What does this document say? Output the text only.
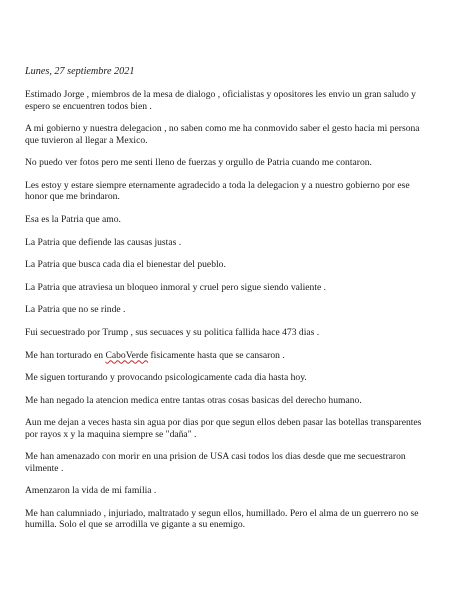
Lunes, 27 septiembre 2021

Estimado Jorge , miembros de la mesa de dialogo , oficialistas y opositores les envio un gran saludo y espero se encuentren todos bien .

A mi gobierno y nuestra delegacion , no saben como me ha conmovido saber el gesto hacia mi persona que tuvieron al llegar a Mexico.

No puedo ver fotos pero me senti lleno de fuerzas y orgullo de Patria cuando me contaron.

Les estoy y estare siempre eternamente agradecido a toda la delegacion y a nuestro gobierno por ese honor que me brindaron.

Esa es la Patria que amo.

La Patria que defiende las causas justas .

La Patria que busca cada dia el bienestar del pueblo.

La Patria que atraviesa un bloqueo inmoral y cruel pero sigue siendo valiente .

La Patria que no se rinde .

Fui secuestrado por Trump , sus secuaces y su politica fallida hace 473 dias .

Me han torturado en CaboVerde fisicamente hasta que se cansaron .

Me siguen torturando y provocando psicologicamente cada dia hasta hoy.

Me han negado la atencion medica entre tantas otras cosas basicas del derecho humano.

Aun me dejan a veces hasta sin agua por dias por que segun ellos deben pasar las botellas transparentes por rayos x y la maquina siempre se "daña" .

Me han amenazado con morir en una prision de USA casi todos los dias desde que me secuestraron vilmente .

Amenzaron la vida de mi familia .

Me han calumniado , injuriado, maltratado y segun ellos, humillado. Pero el alma de un guerrero no se humilla. Solo el que se arrodilla ve gigante a su enemigo.
